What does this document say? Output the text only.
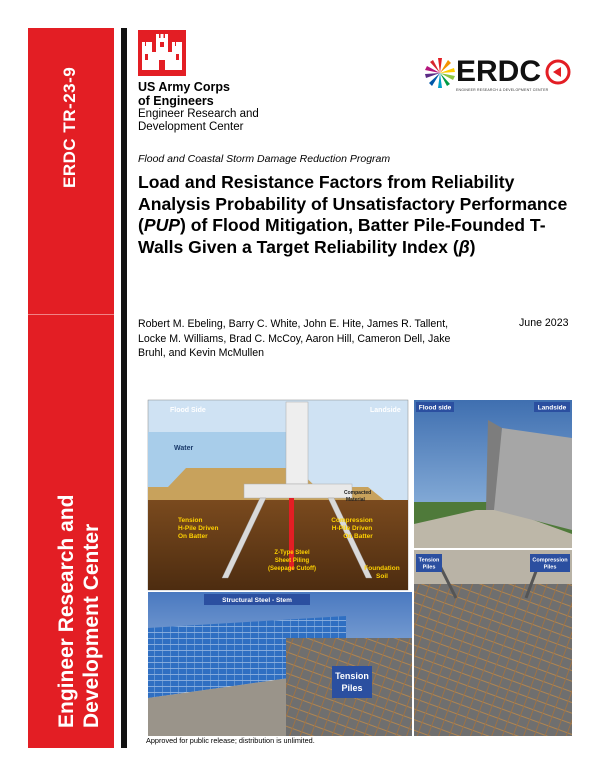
ERDC TR-23-9
Engineer Research and Development Center
US Army Corps
of Engineers
Engineer Research and
Development Center
ERDC
ENGINEER RESEARCH & DEVELOPMENT CENTER
Flood and Coastal Storm Damage Reduction Program
Load and Resistance Factors from Reliability Analysis Probability of Unsatisfactory Performance (PUP) of Flood Mitigation, Batter Pile-Founded T-Walls Given a Target Reliability Index (β)
Robert M. Ebeling, Barry C. White, John E. Hite, James R. Tallent, Locke M. Williams, Brad C. McCoy, Aaron Hill, Cameron Dell, Jake Bruhl, and Kevin McMullen
June 2023
Flood Side	Landside
Water
Compacted
Material
Tension
H-Pile Driven
On Batter
Compression
H-Pile Driven
On Batter
Z-Type Steel
Sheet Piling
(Seepage Cutoff)	Foundation
Soil
Flood side	Landside
Tension
Piles
Compression
Piles
Structural Steel - Stem
Tension
Piles
Approved for public release; distribution is unlimited.
